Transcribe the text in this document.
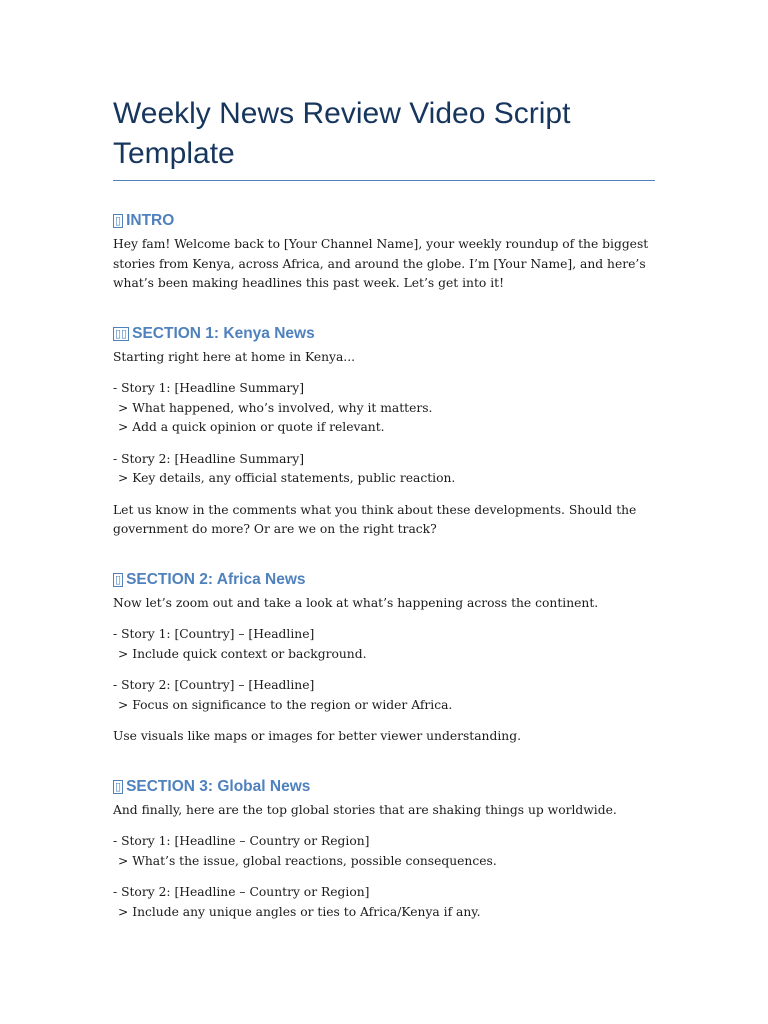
Weekly News Review Video Script Template
▯ INTRO

Hey fam! Welcome back to [Your Channel Name], your weekly roundup of the biggest stories from Kenya, across Africa, and around the globe. I’m [Your Name], and here’s what’s been making headlines this past week. Let’s get into it!

▯▯ SECTION 1: Kenya News

Starting right here at home in Kenya...

- Story 1: [Headline Summary]

> What happened, who’s involved, why it matters.

> Add a quick opinion or quote if relevant.

- Story 2: [Headline Summary]

> Key details, any official statements, public reaction.

Let us know in the comments what you think about these developments. Should the government do more? Or are we on the right track?

▯ SECTION 2: Africa News

Now let’s zoom out and take a look at what’s happening across the continent.

- Story 1: [Country] – [Headline]

> Include quick context or background.

- Story 2: [Country] – [Headline]

> Focus on significance to the region or wider Africa.

Use visuals like maps or images for better viewer understanding.

▯ SECTION 3: Global News

And finally, here are the top global stories that are shaking things up worldwide.

- Story 1: [Headline – Country or Region]

> What’s the issue, global reactions, possible consequences.

- Story 2: [Headline – Country or Region]

> Include any unique angles or ties to Africa/Kenya if any.
